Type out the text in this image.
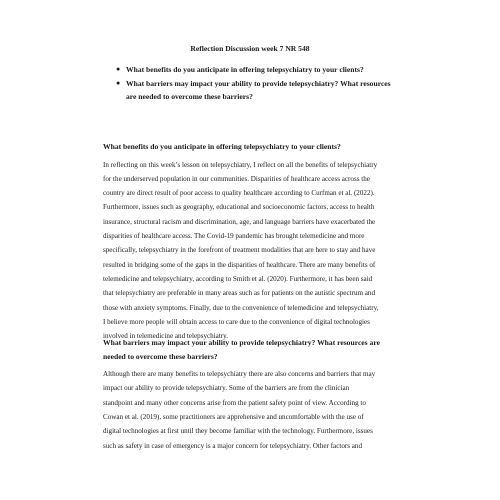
Reflection Discussion week 7 NR 548
● What benefits do you anticipate in offering telepsychiatry to your clients?
● What barriers may impact your ability to provide telepsychiatry? What resources
are needed to overcome these barriers?

What benefits do you anticipate in offering telepsychiatry to your clients?

In reflecting on this week’s lesson on telepsychiatry, I reflect on all the benefits of telepsychiatry
for the underserved population in our communities. Disparities of healthcare access across the
country are direct result of poor access to quality healthcare according to Curfman et al. (2022).
Furthermore, issues such as geography, educational and socioeconomic factors, access to health
insurance, structural racism and discrimination, age, and language barriers have exacerbated the
disparities of healthcare access. The Covid-19 pandemic has brought telemedicine and more
specifically, telepsychiatry in the forefront of treatment modalities that are here to stay and have
resulted in bridging some of the gaps in the disparities of healthcare. There are many benefits of
telemedicine and telepsychiatry, according to Smith et al. (2020). Furthermore, it has been said
that telepsychiatry are preferable in many areas such as for patients on the autistic spectrum and
those with anxiety symptoms. Finally, due to the convenience of telemedicine and telepsychiatry,
I believe more people will obtain access to care due to the convenience of digital technologies
involved in telemedicine and telepsychiatry.

What barriers may impact your ability to provide telepsychiatry? What resources are
needed to overcome these barriers?

Although there are many benefits to telepsychiatry there are also concerns and barriers that may
impact our ability to provide telepsychiatry. Some of the barriers are from the clinician
standpoint and many other concerns arise from the patient safety point of view. According to
Cowan et al. (2019), some practitioners are apprehensive and uncomfortable with the use of
digital technologies at first until they become familiar with the technology. Furthermore, issues
such as safety in case of emergency is a major concern for telepsychiatry. Other factors and
